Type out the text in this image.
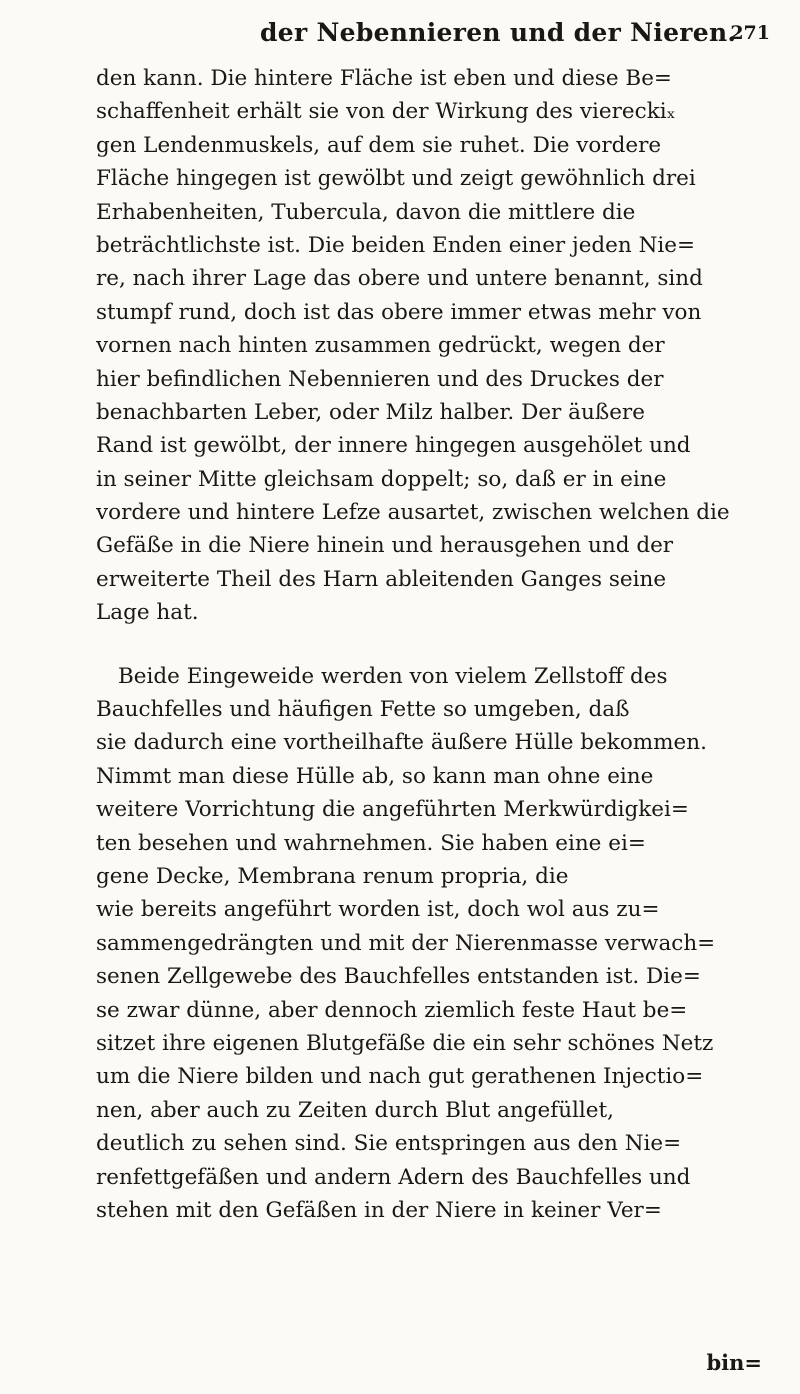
der Nebennieren und der Nieren.
271
den kann. Die hintere Fläche ist eben und diese Be=
schaffenheit erhält sie von der Wirkung des viereckiₓ
gen Lendenmuskels, auf dem sie ruhet. Die vordere
Fläche hingegen ist gewölbt und zeigt gewöhnlich drei
Erhabenheiten, Tubercula, davon die mittlere die
beträchtlichste ist. Die beiden Enden einer jeden Nie=
re, nach ihrer Lage das obere und untere benannt, sind
stumpf rund, doch ist das obere immer etwas mehr von
vornen nach hinten zusammen gedrückt, wegen der
hier befindlichen Nebennieren und des Druckes der
benachbarten Leber, oder Milz halber. Der äußere
Rand ist gewölbt, der innere hingegen ausgehölet und
in seiner Mitte gleichsam doppelt; so, daß er in eine
vordere und hintere Lefze ausartet, zwischen welchen die
Gefäße in die Niere hinein und herausgehen und der
erweiterte Theil des Harn ableitenden Ganges seine
Lage hat.
Beide Eingeweide werden von vielem Zellstoff des
Bauchfelles und häufigen Fette so umgeben, daß
sie dadurch eine vortheilhafte äußere Hülle bekommen.
Nimmt man diese Hülle ab, so kann man ohne eine
weitere Vorrichtung die angeführten Merkwürdigkei=
ten besehen und wahrnehmen. Sie haben eine ei=
gene Decke, Membrana renum propria, die
wie bereits angeführt worden ist, doch wol aus zu=
sammengedrängten und mit der Nierenmasse verwach=
senen Zellgewebe des Bauchfelles entstanden ist. Die=
se zwar dünne, aber dennoch ziemlich feste Haut be=
sitzet ihre eigenen Blutgefäße die ein sehr schönes Netz
um die Niere bilden und nach gut gerathenen Injectio=
nen, aber auch zu Zeiten durch Blut angefüllet,
deutlich zu sehen sind. Sie entspringen aus den Nie=
renfettgefäßen und andern Adern des Bauchfelles und
stehen mit den Gefäßen in der Niere in keiner Ver=
bin=
